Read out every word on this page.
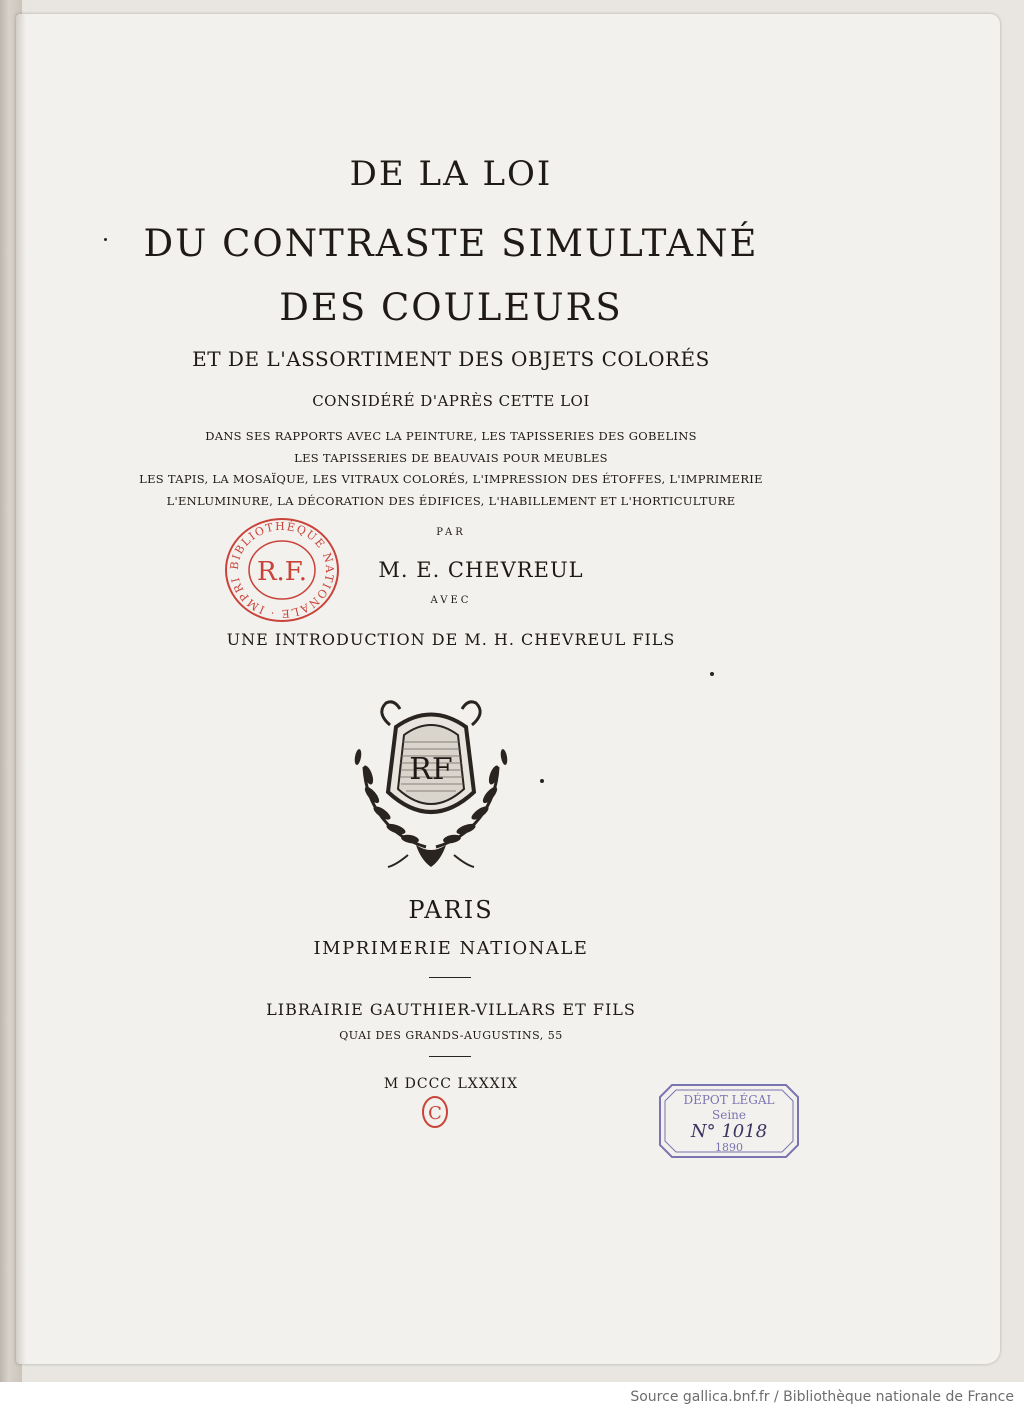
DE LA LOI
DU CONTRASTE SIMULTANÉ
DES COULEURS
ET DE L'ASSORTIMENT DES OBJETS COLORÉS
CONSIDÉRÉ D'APRÈS CETTE LOI
DANS SES RAPPORTS AVEC LA PEINTURE, LES TAPISSERIES DES GOBELINS
LES TAPISSERIES DE BEAUVAIS POUR MEUBLES
LES TAPIS, LA MOSAÏQUE, LES VITRAUX COLORÉS, L'IMPRESSION DES ÉTOFFES, L'IMPRIMERIE
L'ENLUMINURE, LA DÉCORATION DES ÉDIFICES, L'HABILLEMENT ET L'HORTICULTURE
PAR
M. E. CHEVREUL
AVEC
UNE INTRODUCTION DE M. H. CHEVREUL FILS
RF
PARIS
IMPRIMERIE NATIONALE
LIBRAIRIE GAUTHIER-VILLARS ET FILS
QUAI DES GRANDS-AUGUSTINS, 55
M DCCC LXXXIX
BIBLIOTHÈQUE NATIONALE · IMPRI R.F.
C
DÉPOT LÉGAL
Seine
N° 1018
1890
Source gallica.bnf.fr / Bibliothèque nationale de France
